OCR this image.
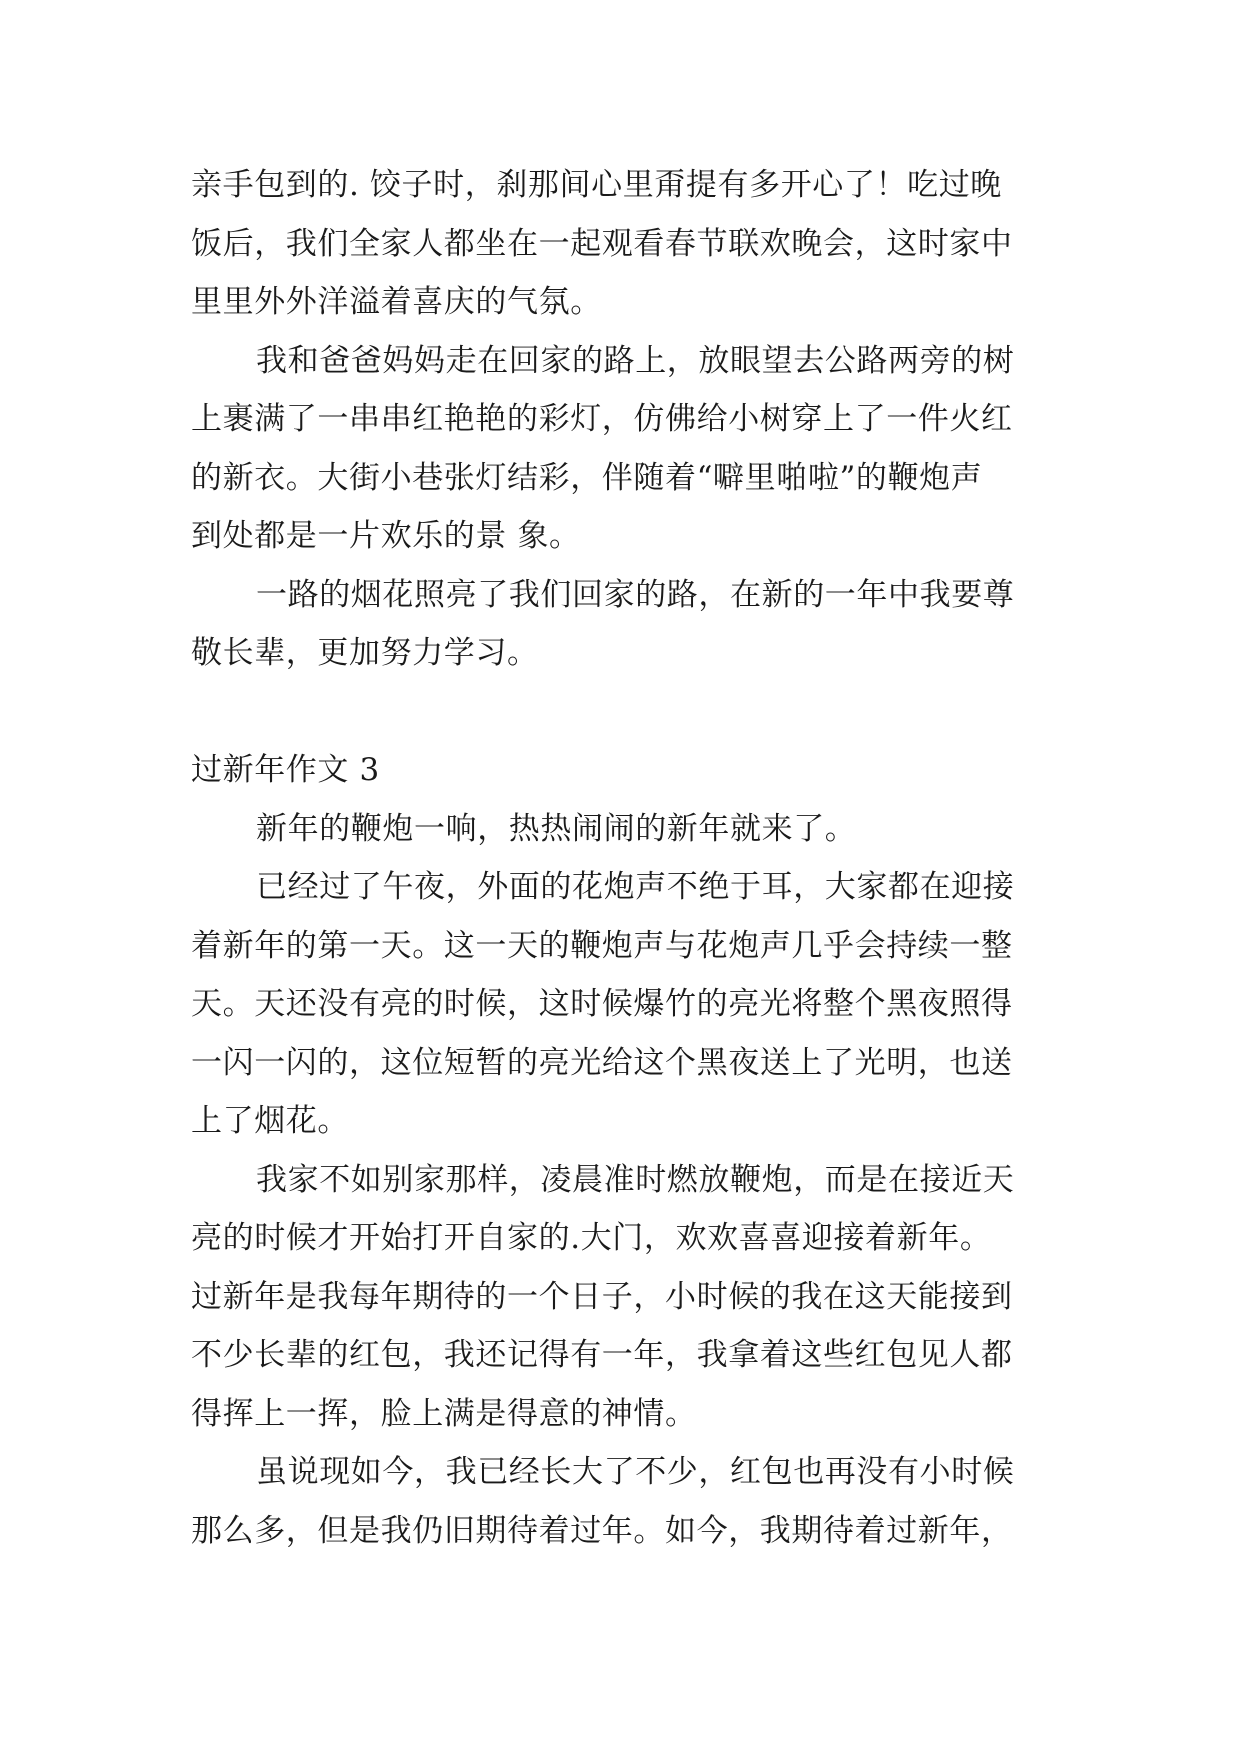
亲手包到的. 饺子时，刹那间心里甭提有多开心了！吃过晚
饭后，我们全家人都坐在一起观看春节联欢晚会，这时家中
里里外外洋溢着喜庆的气氛。
我和爸爸妈妈走在回家的路上，放眼望去公路两旁的树
上裹满了一串串红艳艳的彩灯，仿佛给小树穿上了一件火红
的新衣。大街小巷张灯结彩，伴随着“噼里啪啦”的鞭炮声
到处都是一片欢乐的景 象。
一路的烟花照亮了我们回家的路，在新的一年中我要尊
敬长辈，更加努力学习。
过新年作文 3
新年的鞭炮一响，热热闹闹的新年就来了。
已经过了午夜，外面的花炮声不绝于耳，大家都在迎接
着新年的第一天。这一天的鞭炮声与花炮声几乎会持续一整
天。天还没有亮的时候，这时候爆竹的亮光将整个黑夜照得
一闪一闪的，这位短暂的亮光给这个黑夜送上了光明，也送
上了烟花。
我家不如别家那样，凌晨准时燃放鞭炮，而是在接近天
亮的时候才开始打开自家的.大门，欢欢喜喜迎接着新年。
过新年是我每年期待的一个日子，小时候的我在这天能接到
不少长辈的红包，我还记得有一年，我拿着这些红包见人都
得挥上一挥，脸上满是得意的神情。
虽说现如今，我已经长大了不少，红包也再没有小时候
那么多，但是我仍旧期待着过年。如今，我期待着过新年，
